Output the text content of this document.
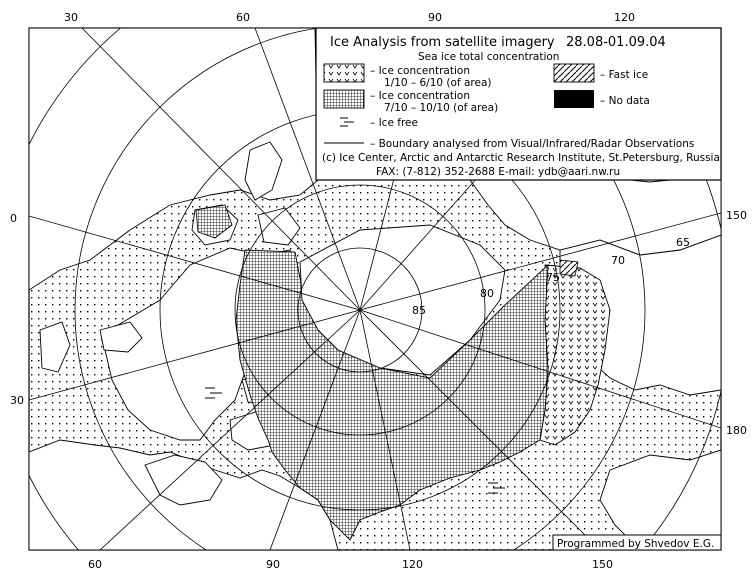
Ice Analysis from satellite imagery 28.08-01.09.04
Sea ice total concentration
– Ice concentration
1/10 – 6/10 (of area)
– Ice concentration
7/10 – 10/10 (of area)
– Ice free
– Fast ice
– No data
– Boundary analysed from Visual/Infrared/Radar Observations
(c) Ice Center, Arctic and Antarctic Research Institute, St.Petersburg, Russia
FAX: (7-812) 352-2688 E-mail: ydb@aari.nw.ru
Programmed by Shvedov E.G.
85
80
75
70
65
30	60	90	120
60	90	120	150
0
30
150
180
